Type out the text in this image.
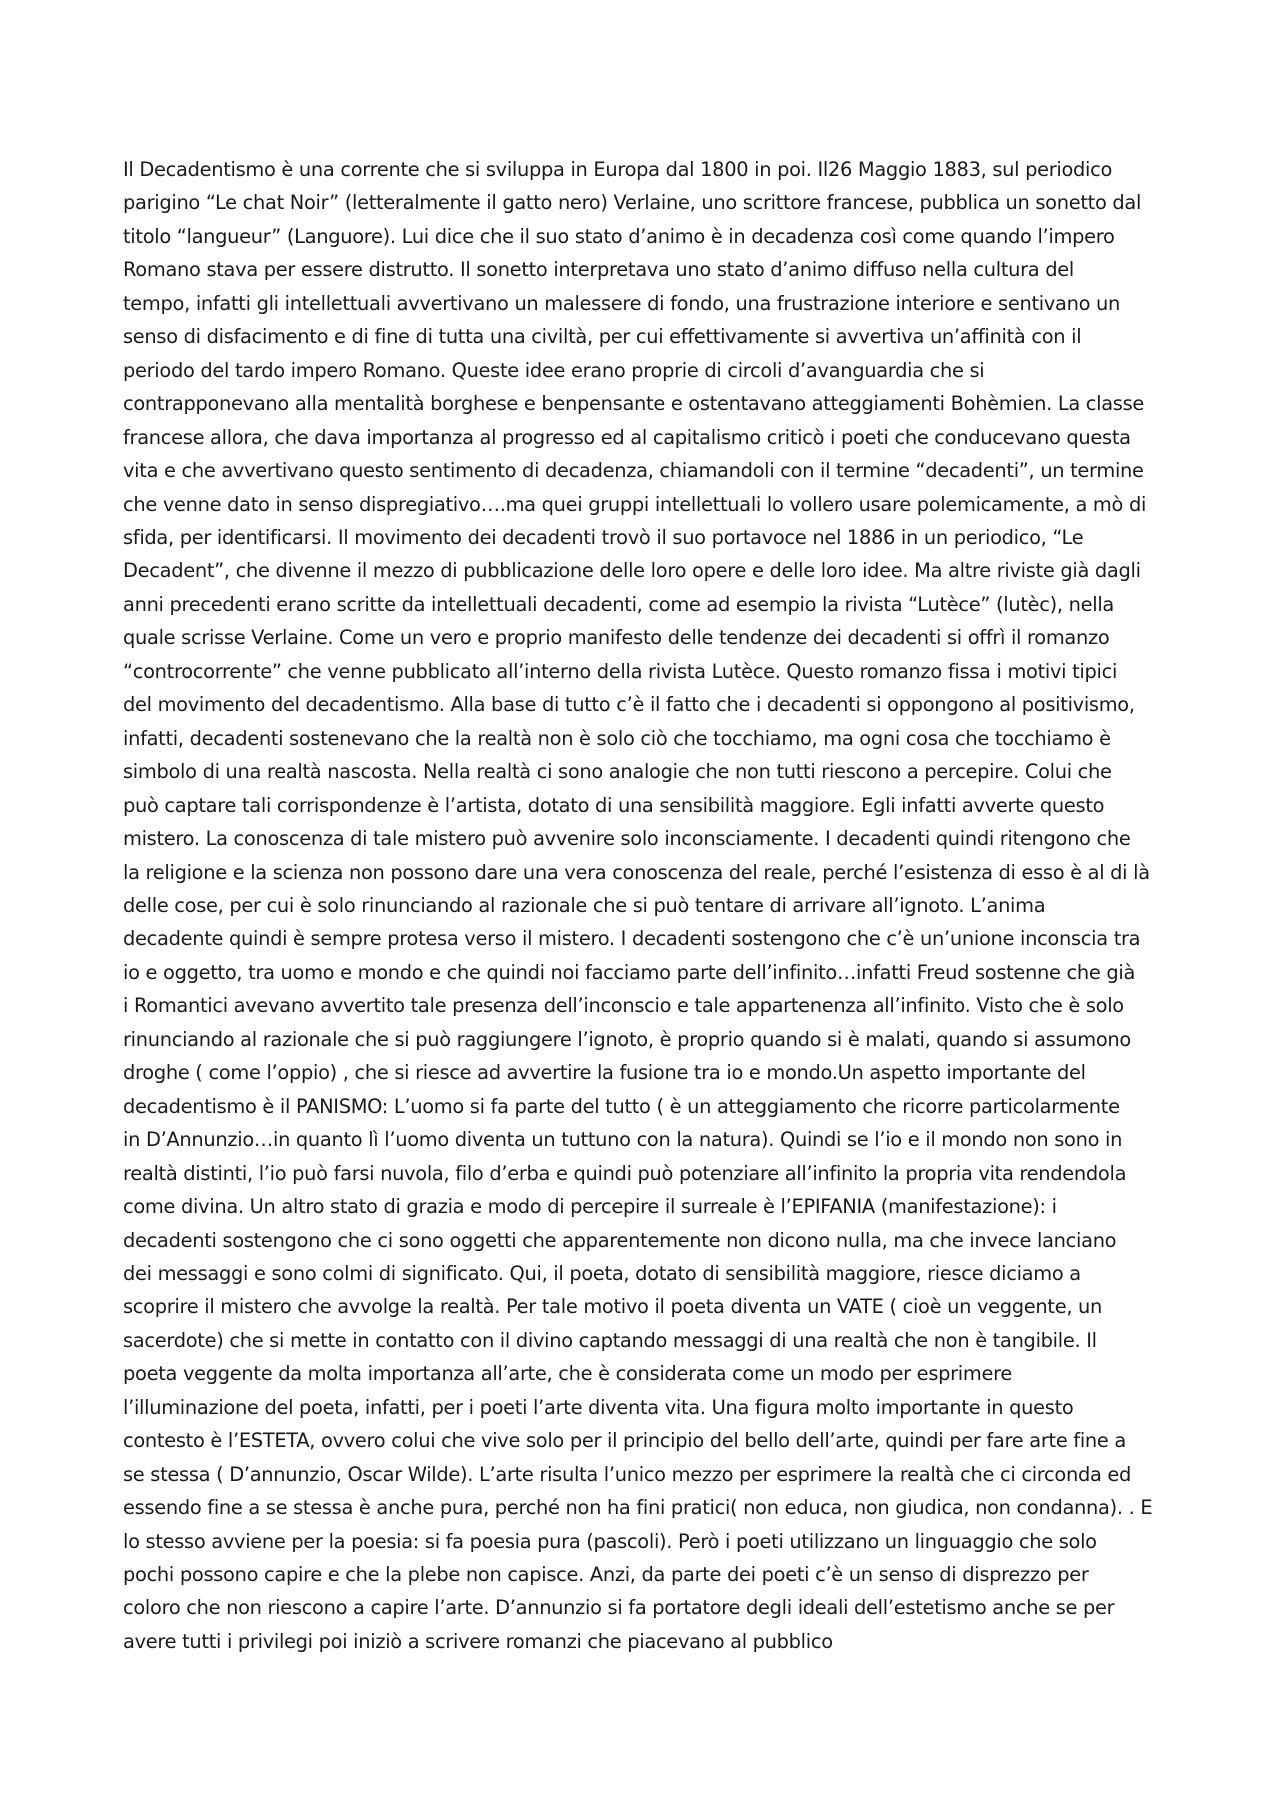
Il Decadentismo è una corrente che si sviluppa in Europa dal 1800 in poi. Il26 Maggio 1883, sul periodico
parigino “Le chat Noir” (letteralmente il gatto nero) Verlaine, uno scrittore francese, pubblica un sonetto dal
titolo “langueur” (Languore). Lui dice che il suo stato d’animo è in decadenza così come quando l’impero
Romano stava per essere distrutto. Il sonetto interpretava uno stato d’animo diffuso nella cultura del
tempo, infatti gli intellettuali avvertivano un malessere di fondo, una frustrazione interiore e sentivano un
senso di disfacimento e di fine di tutta una civiltà, per cui effettivamente si avvertiva un’affinità con il
periodo del tardo impero Romano. Queste idee erano proprie di circoli d’avanguardia che si
contrapponevano alla mentalità borghese e benpensante e ostentavano atteggiamenti Bohèmien. La classe
francese allora, che dava importanza al progresso ed al capitalismo criticò i poeti che conducevano questa
vita e che avvertivano questo sentimento di decadenza, chiamandoli con il termine “decadenti”, un termine
che venne dato in senso dispregiativo….ma quei gruppi intellettuali lo vollero usare polemicamente, a mò di
sfida, per identificarsi. Il movimento dei decadenti trovò il suo portavoce nel 1886 in un periodico, “Le
Decadent”, che divenne il mezzo di pubblicazione delle loro opere e delle loro idee. Ma altre riviste già dagli
anni precedenti erano scritte da intellettuali decadenti, come ad esempio la rivista “Lutèce” (lutèc), nella
quale scrisse Verlaine. Come un vero e proprio manifesto delle tendenze dei decadenti si offrì il romanzo
“controcorrente” che venne pubblicato all’interno della rivista Lutèce. Questo romanzo fissa i motivi tipici
del movimento del decadentismo. Alla base di tutto c’è il fatto che i decadenti si oppongono al positivismo,
infatti, decadenti sostenevano che la realtà non è solo ciò che tocchiamo, ma ogni cosa che tocchiamo è
simbolo di una realtà nascosta. Nella realtà ci sono analogie che non tutti riescono a percepire. Colui che
può captare tali corrispondenze è l’artista, dotato di una sensibilità maggiore. Egli infatti avverte questo
mistero. La conoscenza di tale mistero può avvenire solo inconsciamente. I decadenti quindi ritengono che
la religione e la scienza non possono dare una vera conoscenza del reale, perché l’esistenza di esso è al di là
delle cose, per cui è solo rinunciando al razionale che si può tentare di arrivare all’ignoto. L’anima
decadente quindi è sempre protesa verso il mistero. I decadenti sostengono che c’è un’unione inconscia tra
io e oggetto, tra uomo e mondo e che quindi noi facciamo parte dell’infinito…infatti Freud sostenne che già
i Romantici avevano avvertito tale presenza dell’inconscio e tale appartenenza all’infinito. Visto che è solo
rinunciando al razionale che si può raggiungere l’ignoto, è proprio quando si è malati, quando si assumono
droghe ( come l’oppio) , che si riesce ad avvertire la fusione tra io e mondo.Un aspetto importante del
decadentismo è il PANISMO: L’uomo si fa parte del tutto ( è un atteggiamento che ricorre particolarmente
in D’Annunzio…in quanto lì l’uomo diventa un tuttuno con la natura). Quindi se l’io e il mondo non sono in
realtà distinti, l’io può farsi nuvola, filo d’erba e quindi può potenziare all’infinito la propria vita rendendola
come divina. Un altro stato di grazia e modo di percepire il surreale è l’EPIFANIA (manifestazione): i
decadenti sostengono che ci sono oggetti che apparentemente non dicono nulla, ma che invece lanciano
dei messaggi e sono colmi di significato. Qui, il poeta, dotato di sensibilità maggiore, riesce diciamo a
scoprire il mistero che avvolge la realtà. Per tale motivo il poeta diventa un VATE ( cioè un veggente, un
sacerdote) che si mette in contatto con il divino captando messaggi di una realtà che non è tangibile. Il
poeta veggente da molta importanza all’arte, che è considerata come un modo per esprimere
l’illuminazione del poeta, infatti, per i poeti l’arte diventa vita. Una figura molto importante in questo
contesto è l’ESTETA, ovvero colui che vive solo per il principio del bello dell’arte, quindi per fare arte fine a
se stessa ( D’annunzio, Oscar Wilde). L’arte risulta l’unico mezzo per esprimere la realtà che ci circonda ed
essendo fine a se stessa è anche pura, perché non ha fini pratici( non educa, non giudica, non condanna). . E
lo stesso avviene per la poesia: si fa poesia pura (pascoli). Però i poeti utilizzano un linguaggio che solo
pochi possono capire e che la plebe non capisce. Anzi, da parte dei poeti c’è un senso di disprezzo per
coloro che non riescono a capire l’arte. D’annunzio si fa portatore degli ideali dell’estetismo anche se per
avere tutti i privilegi poi iniziò a scrivere romanzi che piacevano al pubblico
